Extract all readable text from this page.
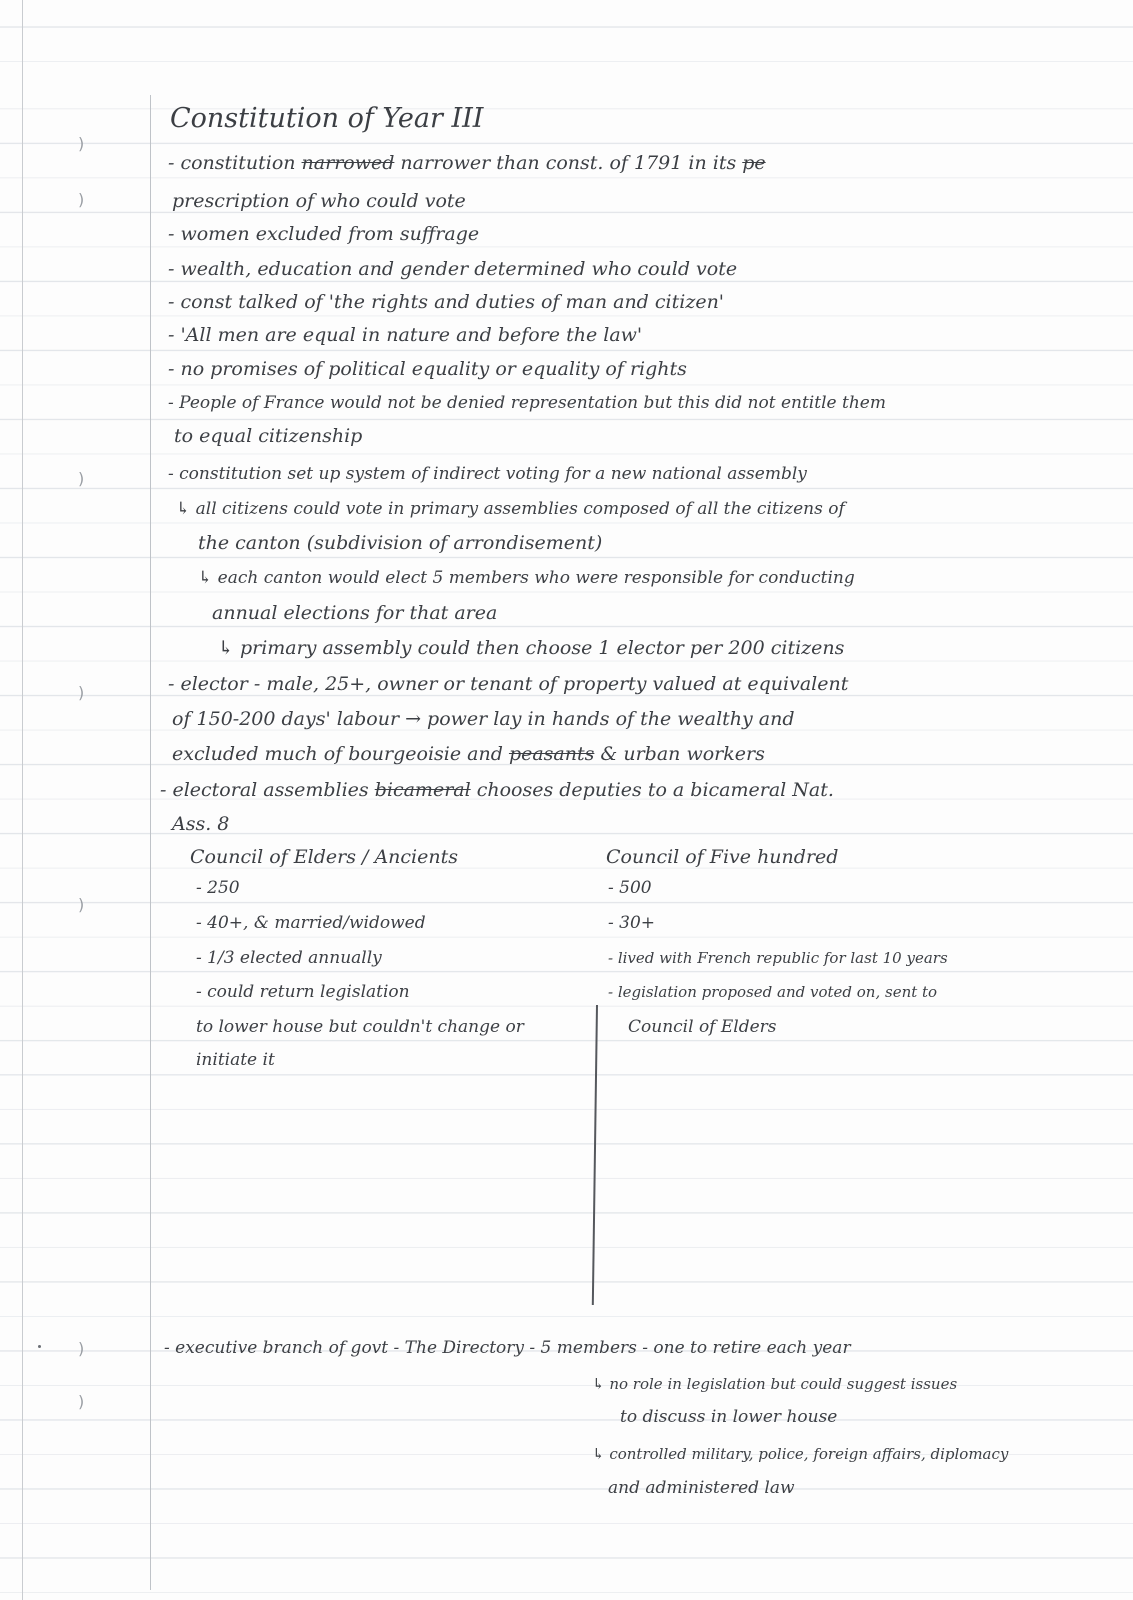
)
)
)
)
)
)
)
Constitution of Year III
- constitution narrowed narrower than const. of 1791 in its pe
prescription of who could vote
- women excluded from suffrage
- wealth, education and gender determined who could vote
- const talked of 'the rights and duties of man and citizen'
- 'All men are equal in nature and before the law'
- no promises of political equality or equality of rights
- People of France would not be denied representation but this did not entitle them
to equal citizenship
- constitution set up system of indirect voting for a new national assembly
↳ all citizens could vote in primary assemblies composed of all the citizens of
the canton (subdivision of arrondisement)
↳ each canton would elect 5 members who were responsible for conducting
annual elections for that area
↳ primary assembly could then choose 1 elector per 200 citizens
- elector - male, 25+, owner or tenant of property valued at equivalent
of 150-200 days' labour → power lay in hands of the wealthy and
excluded much of bourgeoisie and peasants & urban workers
- electoral assemblies bicameral chooses deputies to a bicameral Nat.
Ass. 8
Council of Elders / Ancients
- 250
- 40+, & married/widowed
- 1/3 elected annually
- could return legislation
to lower house but couldn't change or
initiate it
Council of Five hundred
- 500
- 30+
- lived with French republic for last 10 years
- legislation proposed and voted on, sent to
Council of Elders
- executive branch of govt - The Directory - 5 members - one to retire each year
↳ no role in legislation but could suggest issues
to discuss in lower house
↳ controlled military, police, foreign affairs, diplomacy
and administered law
